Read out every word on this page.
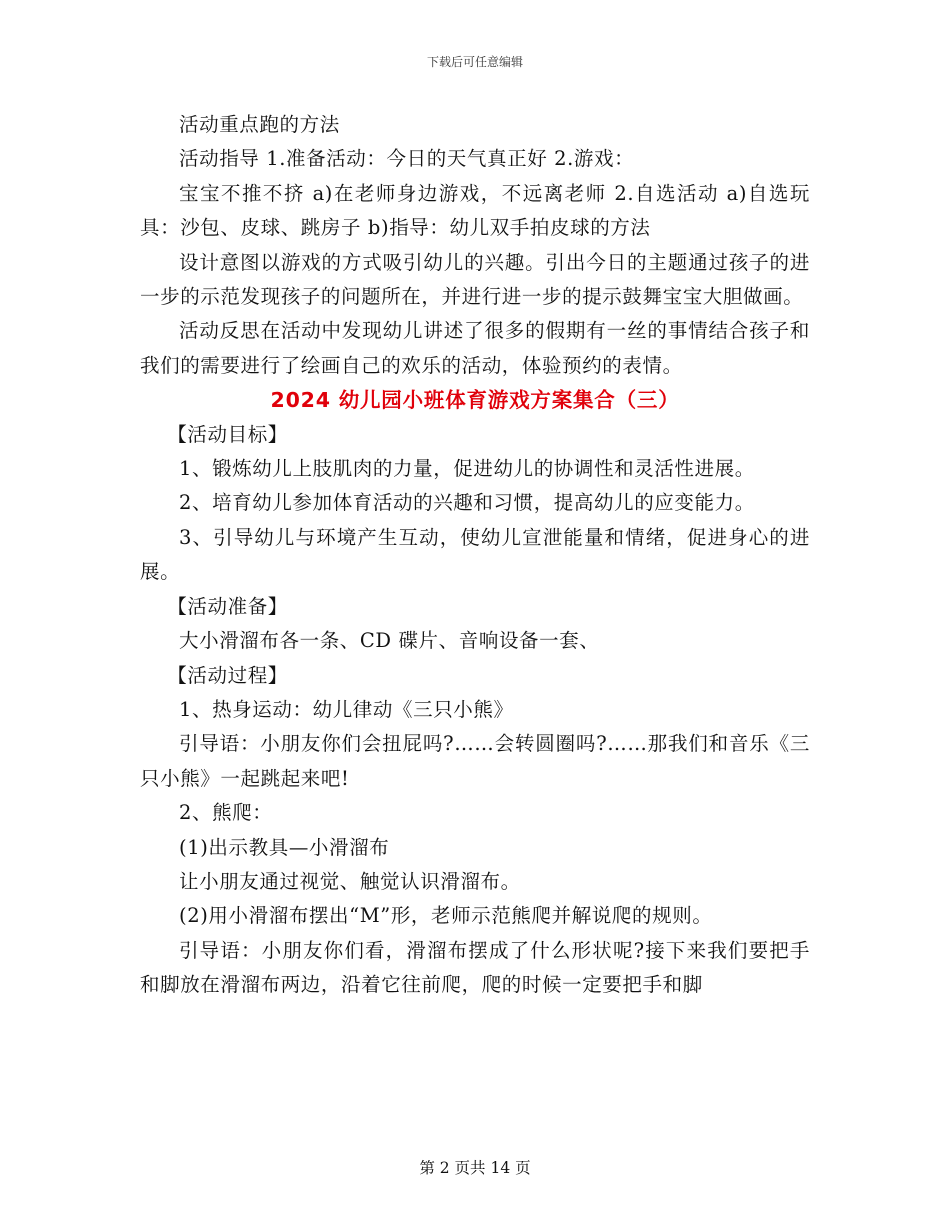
下载后可任意编辑

活动重点跑的方法

活动指导 1.准备活动：今日的天气真正好 2.游戏：

宝宝不推不挤 a)在老师身边游戏，不远离老师 2.自选活动 a)自选玩具：沙包、皮球、跳房子 b)指导：幼儿双手拍皮球的方法

设计意图以游戏的方式吸引幼儿的兴趣。引出今日的主题通过孩子的进一步的示范发现孩子的问题所在，并进行进一步的提示鼓舞宝宝大胆做画。

活动反思在活动中发现幼儿讲述了很多的假期有一丝的事情结合孩子和我们的需要进行了绘画自己的欢乐的活动，体验预约的表情。

2024 幼儿园小班体育游戏方案集合（三）

【活动目标】

1、锻炼幼儿上肢肌肉的力量，促进幼儿的协调性和灵活性进展。

2、培育幼儿参加体育活动的兴趣和习惯，提高幼儿的应变能力。

3、引导幼儿与环境产生互动，使幼儿宣泄能量和情绪，促进身心的进展。

【活动准备】

大小滑溜布各一条、CD 碟片、音响设备一套、

【活动过程】

1、热身运动：幼儿律动《三只小熊》

引导语：小朋友你们会扭屁吗?……会转圆圈吗?……那我们和音乐《三只小熊》一起跳起来吧!

2、熊爬：

(1)出示教具—小滑溜布

让小朋友通过视觉、触觉认识滑溜布。

(2)用小滑溜布摆出“M”形，老师示范熊爬并解说爬的规则。

引导语：小朋友你们看，滑溜布摆成了什么形状呢?接下来我们要把手和脚放在滑溜布两边，沿着它往前爬，爬的时候一定要把手和脚

第 2 页共 14 页
